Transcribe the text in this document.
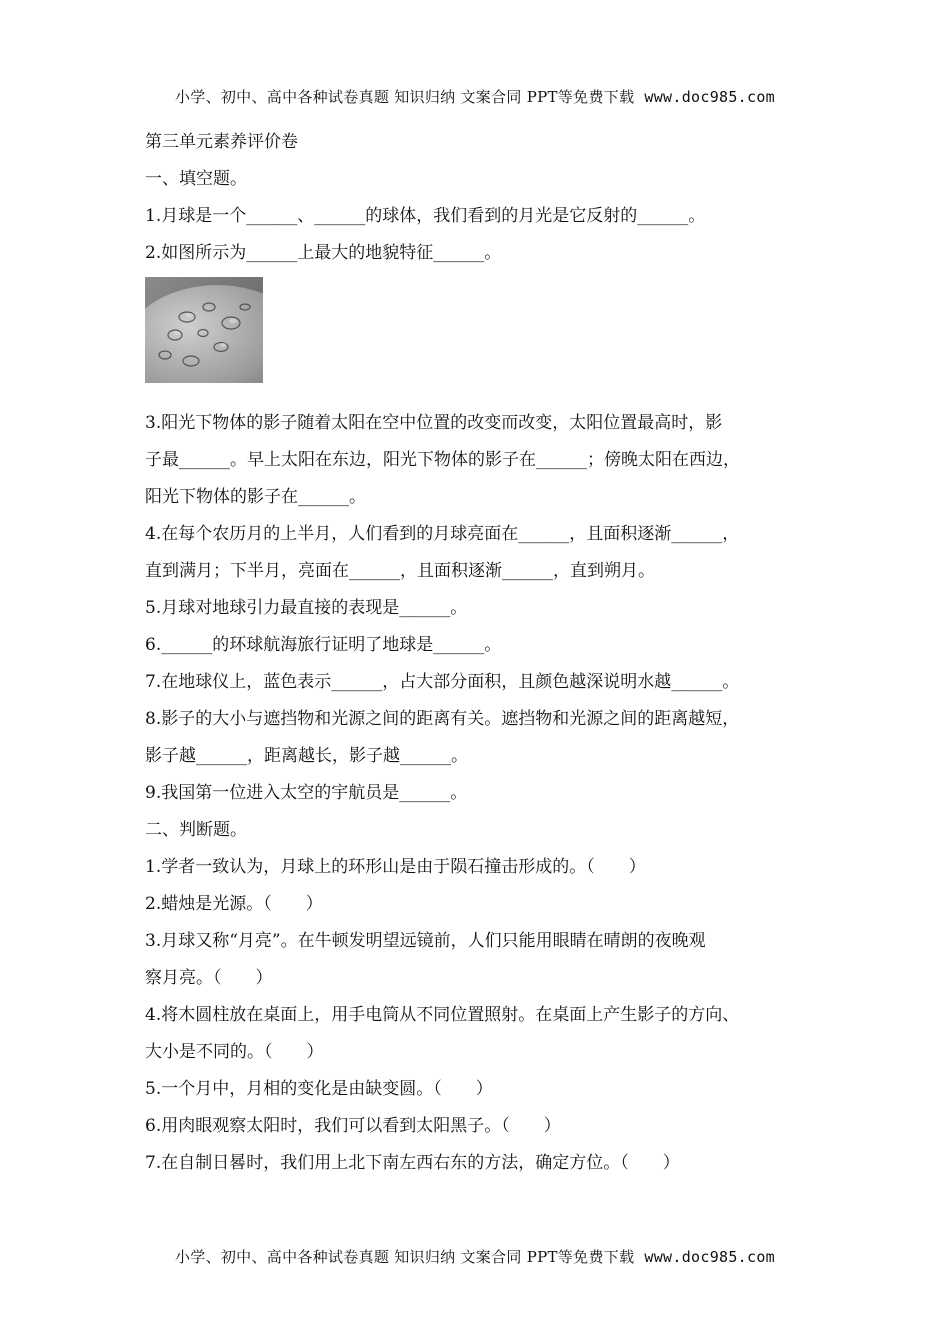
小学、初中、高中各种试卷真题 知识归纳 文案合同 PPT等免费下载 www.doc985.com
第三单元素养评价卷
一、填空题。
1.月球是一个______、______的球体，我们看到的月光是它反射的______。
2.如图所示为______上最大的地貌特征______。
3.阳光下物体的影子随着太阳在空中位置的改变而改变，太阳位置最高时，影
子最______。早上太阳在东边，阳光下物体的影子在______；傍晚太阳在西边，
阳光下物体的影子在______。
4.在每个农历月的上半月，人们看到的月球亮面在______，且面积逐渐______，
直到满月；下半月，亮面在______，且面积逐渐______，直到朔月。
5.月球对地球引力最直接的表现是______。
6.______的环球航海旅行证明了地球是______。
7.在地球仪上，蓝色表示______，占大部分面积，且颜色越深说明水越______。
8.影子的大小与遮挡物和光源之间的距离有关。遮挡物和光源之间的距离越短，
影子越______，距离越长，影子越______。
9.我国第一位进入太空的宇航员是______。
二、判断题。
1.学者一致认为，月球上的环形山是由于陨石撞击形成的。（　　）
2.蜡烛是光源。（　　）
3.月球又称“月亮”。在牛顿发明望远镜前，人们只能用眼睛在晴朗的夜晚观
察月亮。（　　）
4.将木圆柱放在桌面上，用手电筒从不同位置照射。在桌面上产生影子的方向、
大小是不同的。（　　）
5.一个月中，月相的变化是由缺变圆。（　　）
6.用肉眼观察太阳时，我们可以看到太阳黑子。（　　）
7.在自制日晷时，我们用上北下南左西右东的方法，确定方位。（　　）
小学、初中、高中各种试卷真题 知识归纳 文案合同 PPT等免费下载 www.doc985.com
